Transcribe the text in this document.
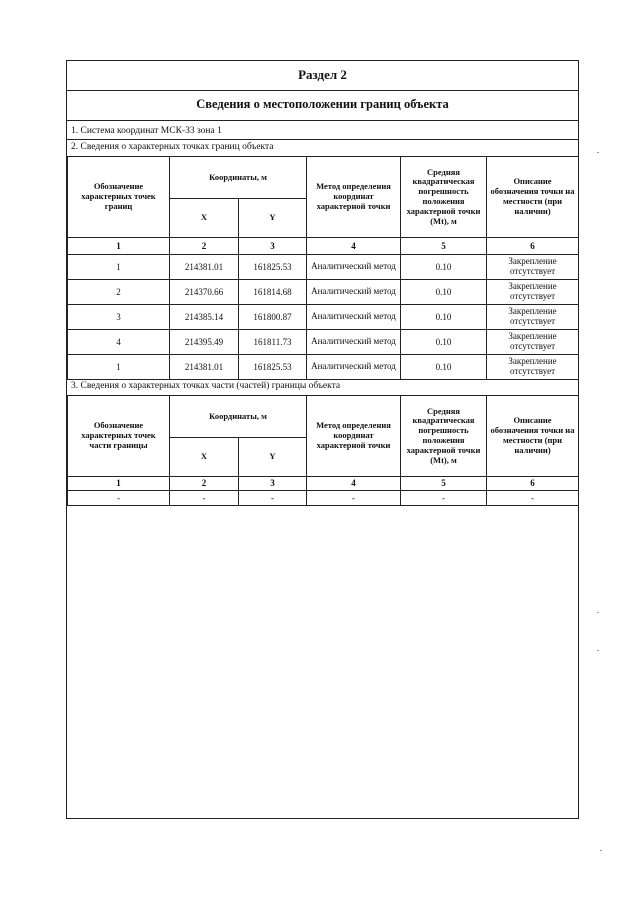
Раздел 2
Сведения о местоположении границ объекта
1. Система координат МСК-33 зона 1
2. Сведения о характерных точках границ объекта
Обозначение характерных точек границ	Координаты, м		Метод определения координат характерной точки	Средняя квадратическая погрешность положения характерной точки (Mt), м	Описание обозначения точки на местности (при наличии)
	X	Y			
1	2	3	4	5	6
1	214381.01	161825.53	Аналитический метод	0.10	Закрепление отсутствует
2	214370.66	161814.68	Аналитический метод	0.10	Закрепление отсутствует
3	214385.14	161800.87	Аналитический метод	0.10	Закрепление отсутствует
4	214395.49	161811.73	Аналитический метод	0.10	Закрепление отсутствует
1	214381.01	161825.53	Аналитический метод	0.10	Закрепление отсутствует
3. Сведения о характерных точках части (частей) границы объекта
Обозначение характерных точек части границы	Координаты, м		Метод определения координат характерной точки	Средняя квадратическая погрешность положения характерной точки (Mt), м	Описание обозначения точки на местности (при наличии)
	X	Y			
1	2	3	4	5	6
-	-	-	-	-	-
